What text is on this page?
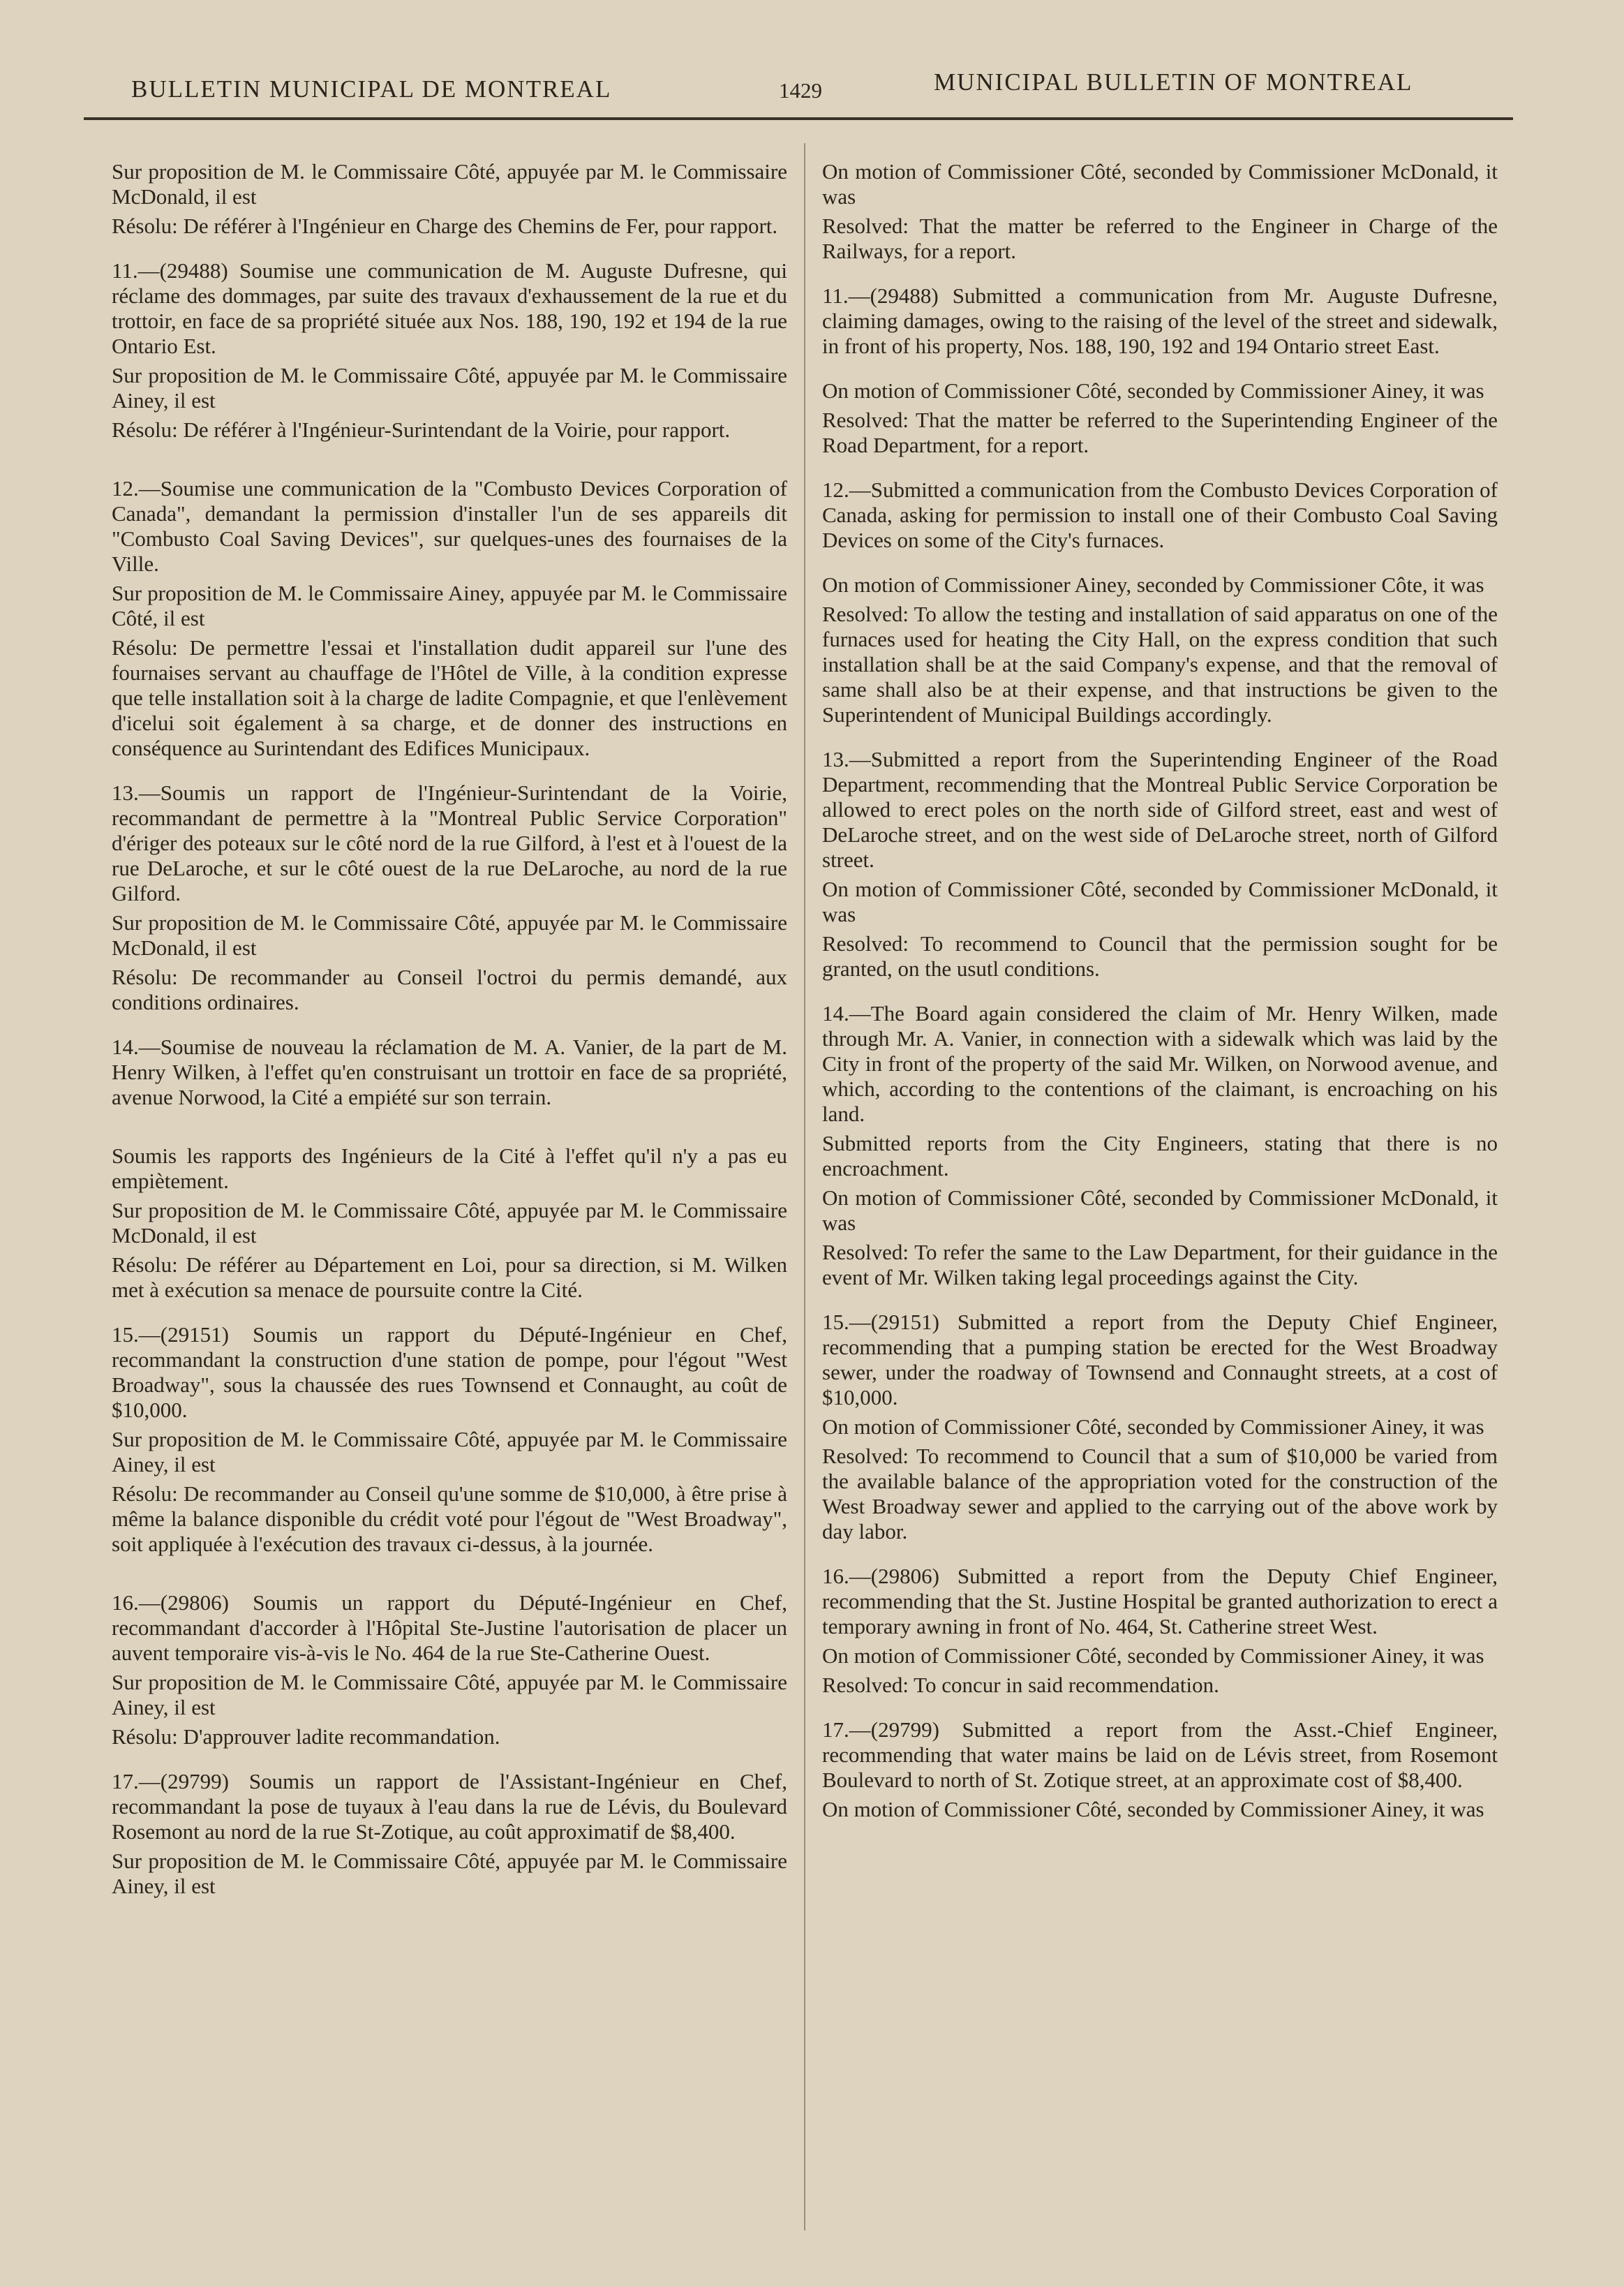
BULLETIN MUNICIPAL DE MONTREAL	1429	MUNICIPAL BULLETIN OF MONTREAL

Sur proposition de M. le Commissaire Côté, appuyée par M. le Commissaire McDonald, il est

Résolu: De référer à l'Ingénieur en Charge des Chemins de Fer, pour rapport.

11.—(29488) Soumise une communication de M. Auguste Dufresne, qui réclame des dommages, par suite des travaux d'exhaussement de la rue et du trottoir, en face de sa propriété située aux Nos. 188, 190, 192 et 194 de la rue Ontario Est.

Sur proposition de M. le Commissaire Côté, appuyée par M. le Commissaire Ainey, il est

Résolu: De référer à l'Ingénieur-Surintendant de la Voirie, pour rapport.

12.—Soumise une communication de la "Combusto Devices Corporation of Canada", demandant la permission d'installer l'un de ses appareils dit "Combusto Coal Saving Devices", sur quelques-unes des fournaises de la Ville.

Sur proposition de M. le Commissaire Ainey, appuyée par M. le Commissaire Côté, il est

Résolu: De permettre l'essai et l'installation dudit appareil sur l'une des fournaises servant au chauffage de l'Hôtel de Ville, à la condition expresse que telle installation soit à la charge de ladite Compagnie, et que l'enlèvement d'icelui soit également à sa charge, et de donner des instructions en conséquence au Surintendant des Edifices Municipaux.

13.—Soumis un rapport de l'Ingénieur-Surintendant de la Voirie, recommandant de permettre à la "Montreal Public Service Corporation" d'ériger des poteaux sur le côté nord de la rue Gilford, à l'est et à l'ouest de la rue DeLaroche, et sur le côté ouest de la rue DeLaroche, au nord de la rue Gilford.

Sur proposition de M. le Commissaire Côté, appuyée par M. le Commissaire McDonald, il est

Résolu: De recommander au Conseil l'octroi du permis demandé, aux conditions ordinaires.

14.—Soumise de nouveau la réclamation de M. A. Vanier, de la part de M. Henry Wilken, à l'effet qu'en construisant un trottoir en face de sa propriété, avenue Norwood, la Cité a empiété sur son terrain.

Soumis les rapports des Ingénieurs de la Cité à l'effet qu'il n'y a pas eu empiètement.

Sur proposition de M. le Commissaire Côté, appuyée par M. le Commissaire McDonald, il est

Résolu: De référer au Département en Loi, pour sa direction, si M. Wilken met à exécution sa menace de poursuite contre la Cité.

15.—(29151) Soumis un rapport du Député-Ingénieur en Chef, recommandant la construction d'une station de pompe, pour l'égout "West Broadway", sous la chaussée des rues Townsend et Connaught, au coût de $10,000.

Sur proposition de M. le Commissaire Côté, appuyée par M. le Commissaire Ainey, il est

Résolu: De recommander au Conseil qu'une somme de $10,000, à être prise à même la balance disponible du crédit voté pour l'égout de "West Broadway", soit appliquée à l'exécution des travaux ci-dessus, à la journée.

16.—(29806) Soumis un rapport du Député-Ingénieur en Chef, recommandant d'accorder à l'Hôpital Ste-Justine l'autorisation de placer un auvent temporaire vis-à-vis le No. 464 de la rue Ste-Catherine Ouest.

Sur proposition de M. le Commissaire Côté, appuyée par M. le Commissaire Ainey, il est

Résolu: D'approuver ladite recommandation.

17.—(29799) Soumis un rapport de l'Assistant-Ingénieur en Chef, recommandant la pose de tuyaux à l'eau dans la rue de Lévis, du Boulevard Rosemont au nord de la rue St-Zotique, au coût approximatif de $8,400.

Sur proposition de M. le Commissaire Côté, appuyée par M. le Commissaire Ainey, il est

On motion of Commissioner Côté, seconded by Commissioner McDonald, it was

Resolved: That the matter be referred to the Engineer in Charge of the Railways, for a report.

11.—(29488) Submitted a communication from Mr. Auguste Dufresne, claiming damages, owing to the raising of the level of the street and sidewalk, in front of his property, Nos. 188, 190, 192 and 194 Ontario street East.

On motion of Commissioner Côté, seconded by Commissioner Ainey, it was

Resolved: That the matter be referred to the Superintending Engineer of the Road Department, for a report.

12.—Submitted a communication from the Combusto Devices Corporation of Canada, asking for permission to install one of their Combusto Coal Saving Devices on some of the City's furnaces.

On motion of Commissioner Ainey, seconded by Commissioner Côte, it was

Resolved: To allow the testing and installation of said apparatus on one of the furnaces used for heating the City Hall, on the express condition that such installation shall be at the said Company's expense, and that the removal of same shall also be at their expense, and that instructions be given to the Superintendent of Municipal Buildings accordingly.

13.—Submitted a report from the Superintending Engineer of the Road Department, recommending that the Montreal Public Service Corporation be allowed to erect poles on the north side of Gilford street, east and west of DeLaroche street, and on the west side of DeLaroche street, north of Gilford street.

On motion of Commissioner Côté, seconded by Commissioner McDonald, it was

Resolved: To recommend to Council that the permission sought for be granted, on the usutl conditions.

14.—The Board again considered the claim of Mr. Henry Wilken, made through Mr. A. Vanier, in connection with a sidewalk which was laid by the City in front of the property of the said Mr. Wilken, on Norwood avenue, and which, according to the contentions of the claimant, is encroaching on his land.

Submitted reports from the City Engineers, stating that there is no encroachment.

On motion of Commissioner Côté, seconded by Commissioner McDonald, it was

Resolved: To refer the same to the Law Department, for their guidance in the event of Mr. Wilken taking legal proceedings against the City.

15.—(29151) Submitted a report from the Deputy Chief Engineer, recommending that a pumping station be erected for the West Broadway sewer, under the roadway of Townsend and Connaught streets, at a cost of $10,000.

On motion of Commissioner Côté, seconded by Commissioner Ainey, it was

Resolved: To recommend to Council that a sum of $10,000 be varied from the available balance of the appropriation voted for the construction of the West Broadway sewer and applied to the carrying out of the above work by day labor.

16.—(29806) Submitted a report from the Deputy Chief Engineer, recommending that the St. Justine Hospital be granted authorization to erect a temporary awning in front of No. 464, St. Catherine street West.

On motion of Commissioner Côté, seconded by Commissioner Ainey, it was

Resolved: To concur in said recommendation.

17.—(29799) Submitted a report from the Asst.-Chief Engineer, recommending that water mains be laid on de Lévis street, from Rosemont Boulevard to north of St. Zotique street, at an approximate cost of $8,400.

On motion of Commissioner Côté, seconded by Commissioner Ainey, it was
